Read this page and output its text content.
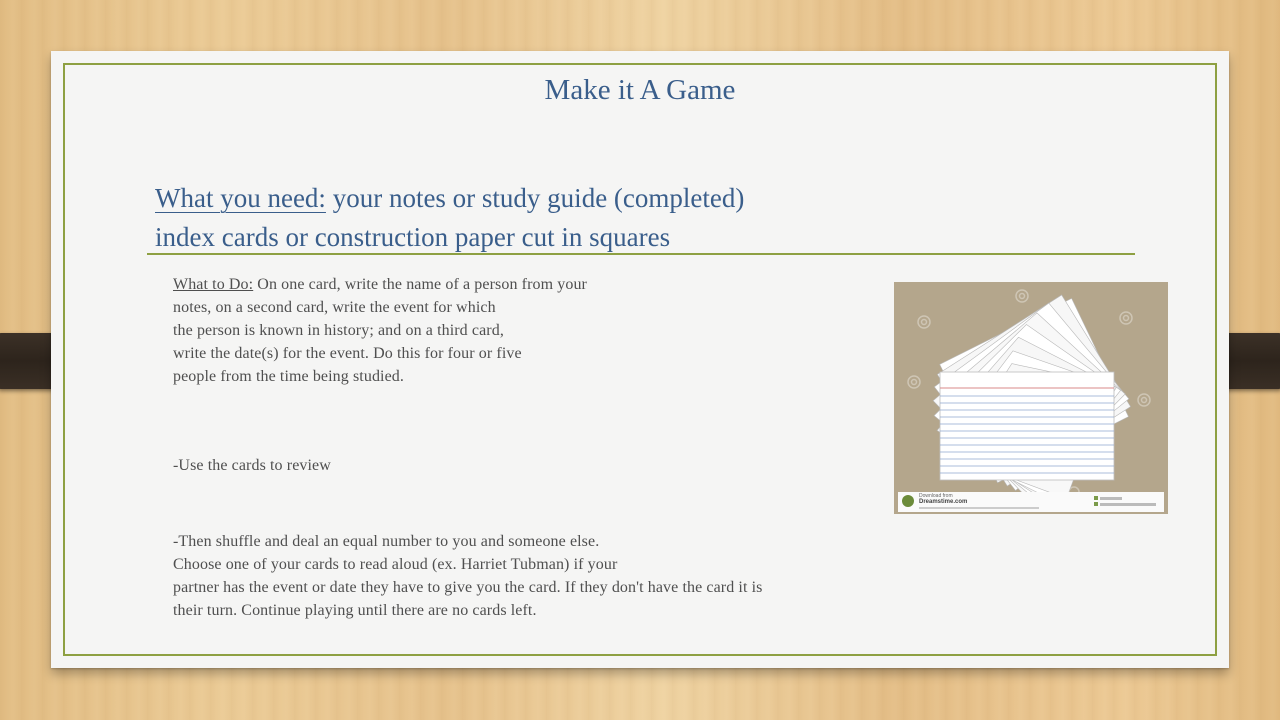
Make it A Game
What you need: your notes or study guide (completed)
index cards or construction paper cut in squares
What to Do: On one card, write the name of a person from your
notes, on a second card, write the event for which
the person is known in history; and on a third card,
write the date(s) for the event. Do this for four or five
people from the time being studied.
-Use the cards to review
-Then shuffle and deal an equal number to you and someone else.
Choose one of your cards to read aloud (ex. Harriet Tubman) if your
partner has the event or date they have to give you the card. If they don't have the card it is
their turn. Continue playing until there are no cards left.
Download from
Dreamstime.com
